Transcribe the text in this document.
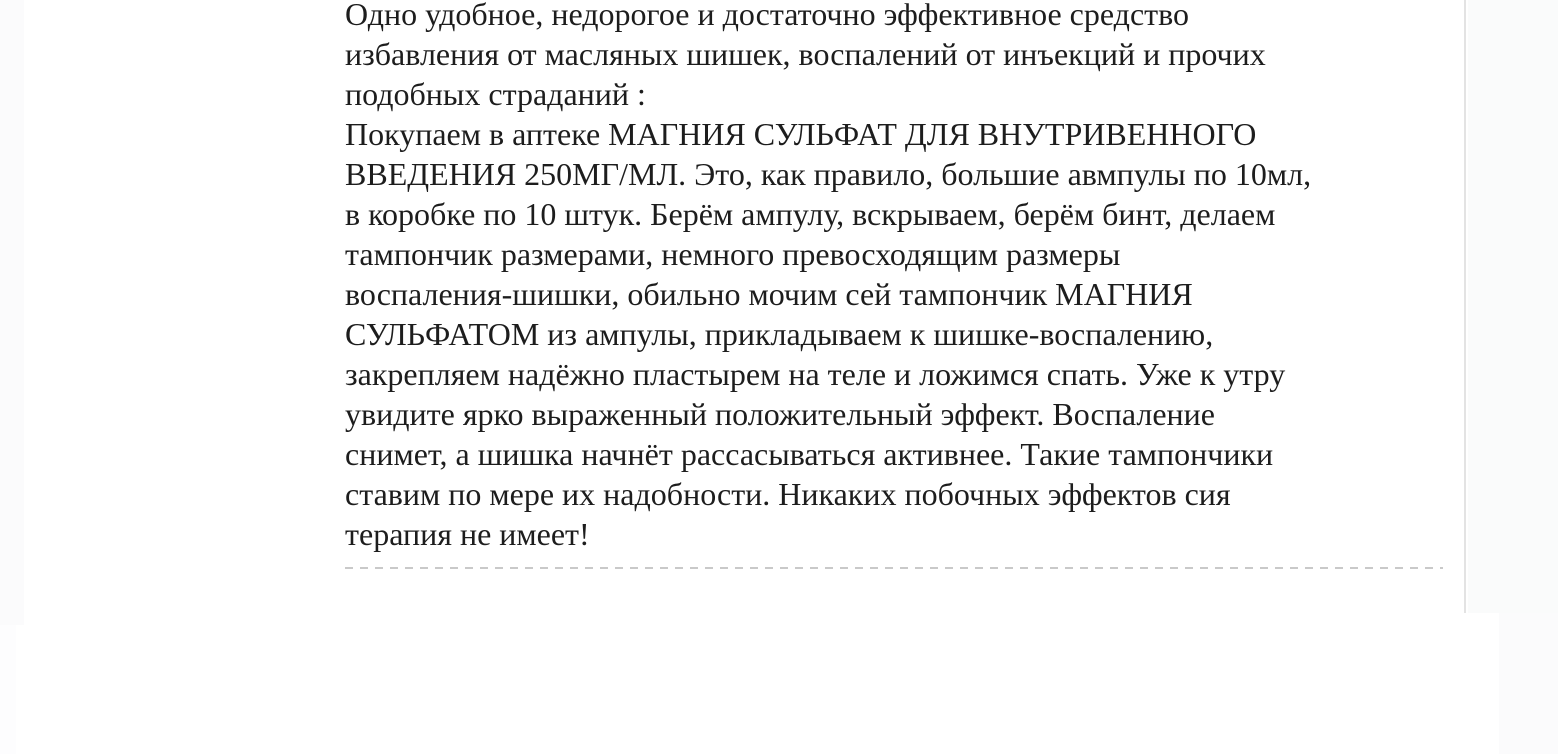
Одно удобное, недорогое и достаточно эффективное средство
избавления от масляных шишек, воспалений от инъекций и прочих
подобных страданий :
Покупаем в аптеке МАГНИЯ СУЛЬФАТ ДЛЯ ВНУТРИВЕННОГО
ВВЕДЕНИЯ 250МГ/МЛ. Это, как правило, большие авмпулы по 10мл,
в коробке по 10 штук. Берём ампулу, вскрываем, берём бинт, делаем
тампончик размерами, немного превосходящим размеры
воспаления-шишки, обильно мочим сей тампончик МАГНИЯ
СУЛЬФАТОМ из ампулы, прикладываем к шишке-воспалению,
закрепляем надёжно пластырем на теле и ложимся спать. Уже к утру
увидите ярко выраженный положительный эффект. Воспаление
снимет, а шишка начнёт рассасываться активнее. Такие тампончики
ставим по мере их надобности. Никаких побочных эффектов сия
терапия не имеет!
